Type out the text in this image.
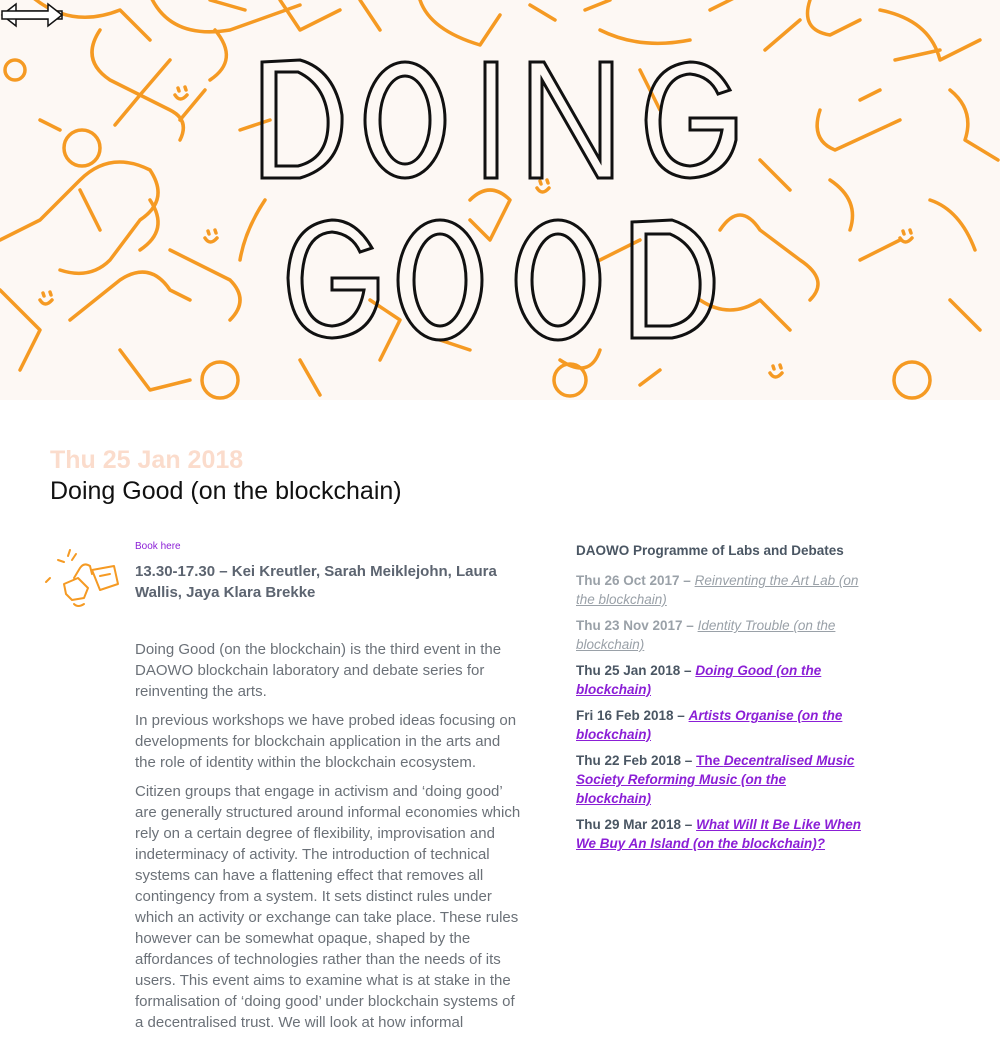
Thu 25 Jan 2018
Doing Good (on the blockchain)
Book here
13.30-17.30 – Kei Kreutler, Sarah Meiklejohn, Laura Wallis, Jaya Klara Brekke

Doing Good (on the blockchain) is the third event in the DAOWO blockchain laboratory and debate series for reinventing the arts.

In previous workshops we have probed ideas focusing on developments for blockchain application in the arts and the role of identity within the blockchain ecosystem.

Citizen groups that engage in activism and ‘doing good’ are generally structured around informal economies which rely on a certain degree of flexibility, improvisation and indeterminacy of activity. The introduction of technical systems can have a flattening effect that removes all contingency from a system. It sets distinct rules under which an activity or exchange can take place. These rules however can be somewhat opaque, shaped by the affordances of technologies rather than the needs of its users. This event aims to examine what is at stake in the formalisation of ‘doing good’ under blockchain systems of a decentralised trust. We will look at how informal

DAOWO Programme of Labs and Debates
Thu 26 Oct 2017 – Reinventing the Art Lab (on the blockchain)
Thu 23 Nov 2017 – Identity Trouble (on the blockchain)
Thu 25 Jan 2018 – Doing Good (on the blockchain)
Fri 16 Feb 2018 – Artists Organise (on the blockchain)
Thu 22 Feb 2018 – The Decentralised Music Society Reforming Music (on the blockchain)
Thu 29 Mar 2018 – What Will It Be Like When We Buy An Island (on the blockchain)?
